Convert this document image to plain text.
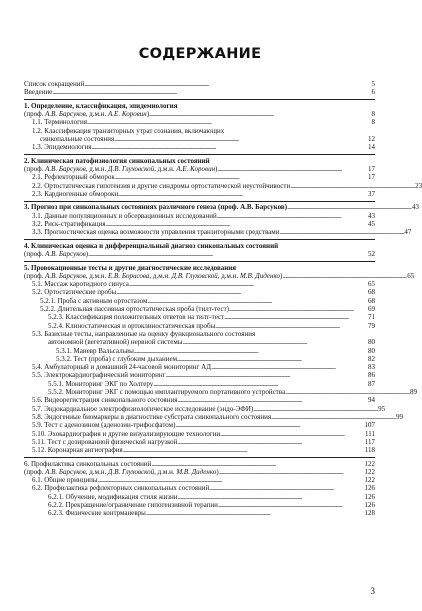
СОДЕРЖАНИЕ
Список сокращений . . .	5
Введение . . .	6
1. Определение, классификация, эпидемиология
(проф. А.В. Барсуков, д.м.н. А.Е. Коровин) . . .	8
1.1. Терминология . . .	8
1.2. Классификация транзиторных утрат сознания, включающих
синкопальные состояния . . .	12
1.3. Эпидемиология . . .	14
2. Клиническая патофизиология синкопальных состояний
(проф. А.В. Барсуков, д.м.н. Д.В. Глуховской, д.м.н. А.Е. Коровин) . . .	17
2.1. Рефлекторный обморок . . .	17
2.2. Ортостатическая гипотензия и другие синдромы ортостатической неустойчивости . . .	23
2.3. Кардиогенные обмороки . . .	37
3. Прогноз при синкопальных состояниях различного генеза (проф. А.В. Барсуков) . . .	43
3.1. Данные популяционных и обсервационных исследований . . .	43
3.2. Риск-стратификация . . .	45
3.3. Прогностическая оценка возможности управления транзиторными средствами . . .	47
4. Клиническая оценка и дифференциальный диагноз синкопальных состояний
(проф. А.В. Барсуков) . . .	52
5. Провокационные тесты и другие диагностические исследования
(проф. А.В. Барсуков, д.м.н. Е.В. Борисова, д.м.н. Д.В. Глуховской, д.м.н. М.В. Диденко) . . .	65
5.1. Массаж каротидного синуса . . .	65
5.2. Ортостатические пробы . . .	68
5.2.1. Проба с активным ортостазом . . .	68
5.2.2. Длительная пассивная ортостатическая проба (тилт-тест) . . .	69
5.2.3. Классификация положительных ответов на тилт-тест . . .	71
5.2.4. Клиностатическая и ортоклиностатическая пробы . . .	79
5.3. Базисные тесты, направленные на оценку функционального состояния
автономной (вегетативной) нервной системы . . .	80
5.3.1. Маневр Вальсальвы . . .	80
5.3.2. Тест (проба) с глубоким дыханием . . .	82
5.4. Амбулаторный и домашний 24-часовой мониторинг АД . . .	83
5.5. Электрокардиографический мониторинг . . .	86
5.5.1. Мониторинг ЭКГ по Холтеру . . .	87
5.5.2. Мониторинг ЭКГ с помощью имплантируемого портативного устройства . . .	89
5.6. Видеорегистрация синкопального состояния . . .	94
5.7. Эндокардиальное электрофизиологическое исследование (эндо-ЭФИ) . . .	95
5.8. Эндогенные биомаркеры в диагностике субстрата синкопального состояния . . .	99
5.9. Тест с аденозином (аденозин-трифосфатом) . . .	107
5.10. Эхокардиография и другие визуализирующие технологии . . .	111
5.11. Тест с дозированной физической нагрузкой . . .	117
5.12. Коронарная ангиография . . .	118
6. Профилактика синкопальных состояний . . .	122
(проф. А.В. Барсуков, д.м.н. Д.В. Глуховской, д.м.н. М.В. Диденко) . . .	122
6.1. Общие принципы . . .	122
6.2. Профилактика рефлекторных синкопальных состояний . . .	126
6.2.1. Обучение, модификация стиля жизни . . .	126
6.2.2. Прекращение/ограничение гипотензивной терапии . . .	126
6.2.3. Физические контрманевры . . .	128
3
